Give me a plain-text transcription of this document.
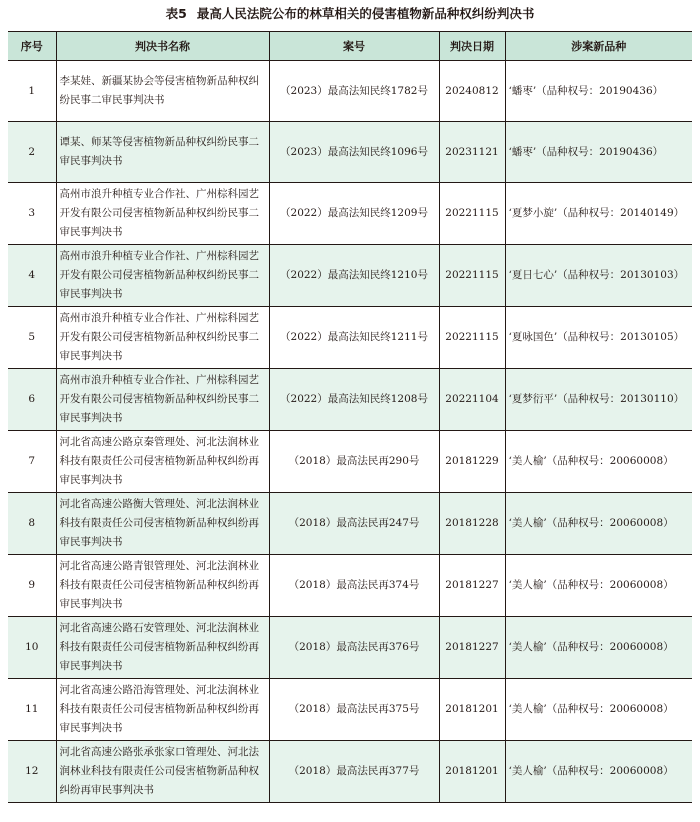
表5 最高人民法院公布的林草相关的侵害植物新品种权纠纷判决书
序号	判决书名称	案号	判决日期	涉案新品种
1	李某娃、新疆某协会等侵害植物新品种权纠纷民事二审民事判决书	（2023）最高法知民终1782号	20240812	‘蟠枣’（品种权号：20190436）
2	谭某、师某等侵害植物新品种权纠纷民事二审民事判决书	（2023）最高法知民终1096号	20231121	‘蟠枣’（品种权号：20190436）
3	高州市浪升种植专业合作社、广州棕科园艺开发有限公司侵害植物新品种权纠纷民事二审民事判决书	（2022）最高法知民终1209号	20221115	‘夏梦小旋’（品种权号：20140149）
4	高州市浪升种植专业合作社、广州棕科园艺开发有限公司侵害植物新品种权纠纷民事二审民事判决书	（2022）最高法知民终1210号	20221115	‘夏日七心’（品种权号：20130103）
5	高州市浪升种植专业合作社、广州棕科园艺开发有限公司侵害植物新品种权纠纷民事二审民事判决书	（2022）最高法知民终1211号	20221115	‘夏咏国色’（品种权号：20130105）
6	高州市浪升种植专业合作社、广州棕科园艺开发有限公司侵害植物新品种权纠纷民事二审民事判决书	（2022）最高法知民终1208号	20221104	‘夏梦衍平’（品种权号：20130110）
7	河北省高速公路京秦管理处、河北法润林业科技有限责任公司侵害植物新品种权纠纷再审民事判决书	（2018）最高法民再290号	20181229	‘美人榆’（品种权号：20060008）
8	河北省高速公路衡大管理处、河北法润林业科技有限责任公司侵害植物新品种权纠纷再审民事判决书	（2018）最高法民再247号	20181228	‘美人榆’（品种权号：20060008）
9	河北省高速公路青银管理处、河北法润林业科技有限责任公司侵害植物新品种权纠纷再审民事判决书	（2018）最高法民再374号	20181227	‘美人榆’（品种权号：20060008）
10	河北省高速公路石安管理处、河北法润林业科技有限责任公司侵害植物新品种权纠纷再审民事判决书	（2018）最高法民再376号	20181227	‘美人榆’（品种权号：20060008）
11	河北省高速公路沿海管理处、河北法润林业科技有限责任公司侵害植物新品种权纠纷再审民事判决书	（2018）最高法民再375号	20181201	‘美人榆’（品种权号：20060008）
12	河北省高速公路张承张家口管理处、河北法润林业科技有限责任公司侵害植物新品种权纠纷再审民事判决书	（2018）最高法民再377号	20181201	‘美人榆’（品种权号：20060008）
